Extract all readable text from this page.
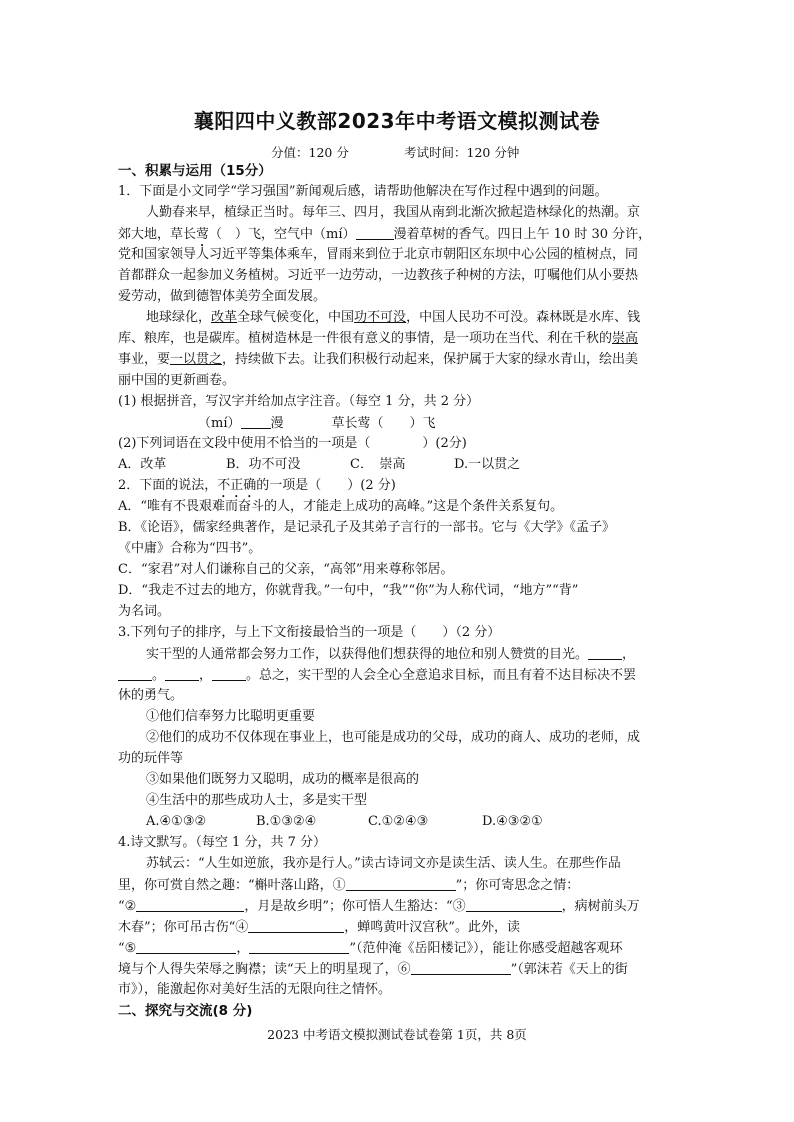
襄阳四中义教部2023年中考语文模拟测试卷
分值：120 分	考试时间：120 分钟
一、积累与运用（15分）
1．下面是小文同学“学习强国”新闻观后感，请帮助他解决在写作过程中遇到的问题。
人勤春来早，植绿正当时。每年三、四月，我国从南到北渐次掀起造林绿化的热潮。京
郊大地，草长莺（　）飞，空气中（mí）	漫着草树的香气。四日上午 10 时 30 分许，
党和国家领导人习近平等集体乘车，冒雨来到位于北京市朝阳区东坝中心公园的植树点，同
首都群众一起参加义务植树。习近平一边劳动，一边教孩子种树的方法，叮嘱他们从小要热
爱劳动，做到德智体美劳全面发展。
地球绿化，改革全球气候变化，中国功不可没，中国人民功不可没。森林既是水库、钱
库、粮库，也是碳库。植树造林是一件很有意义的事情，是一项功在当代、利在千秋的崇高
事业，要一以贯之，持续做下去。让我们积极行动起来，保护属于大家的绿水青山，绘出美
丽中国的更新画卷。
(1) 根据拼音，写汉字并给加点字注音。（每空 1 分，共 2 分）
（mí） 漫	草长莺（　　）飞
(2)下列词语在文段中使用不恰当的一项是（　　　　）(2分)
A．改革	B．功不可没	C．　崇高	D.一以贯之
2．下面的说法，不正确的一项是（　　）(2 分)
A．“唯有不畏艰难而奋斗的人，才能走上成功的高峰。”这是个条件关系复句。
B．《论语》，儒家经典著作，是记录孔子及其弟子言行的一部书。它与《大学》《孟子》
《中庸》合称为“四书”。
C．“家君”对人们谦称自己的父亲，“高邻”用来尊称邻居。
D．“我走不过去的地方，你就背我。”一句中，“我”“你”为人称代词，“地方”“背”
为名词。
3.下列句子的排序，与上下文衔接最恰当的一项是（　　）（2 分）
实干型的人通常都会努力工作，以获得他们想获得的地位和别人赞赏的目光。	，
。	，	。总之，实干型的人会全心全意追求目标，而且有着不达目标决不罢
休的勇气。
①他们信奉努力比聪明更重要
②他们的成功不仅体现在事业上，也可能是成功的父母，成功的商人、成功的老师，成
功的玩伴等
③如果他们既努力又聪明，成功的概率是很高的
④生活中的那些成功人士，多是实干型
A.④①③②	B.①③②④	C.①②④③	D.④③②①
4.诗文默写。（每空 1 分，共 7 分）
苏轼云：“人生如逆旅，我亦是行人。”读古诗词文亦是读生活、读人生。在那些作品
里，你可赏自然之趣：“槲叶落山路，①	”；你可寄思念之情：
“②	，月是故乡明”；你可悟人生豁达：“③	，病树前头万
木春”；你可吊古伤“④	，蝉鸣黄叶汉宫秋”。此外，读
2023 中考语文模拟测试卷试卷第 1页，共 8页
“⑤	，	”（范仲淹《岳阳楼记》），能让你感受超越客观环
境与个人得失荣辱之胸襟；读“天上的明星现了，⑥	”（郭沫若《天上的街
市》），能激起你对美好生活的无限向往之情怀。
二、探究与交流(8 分)
